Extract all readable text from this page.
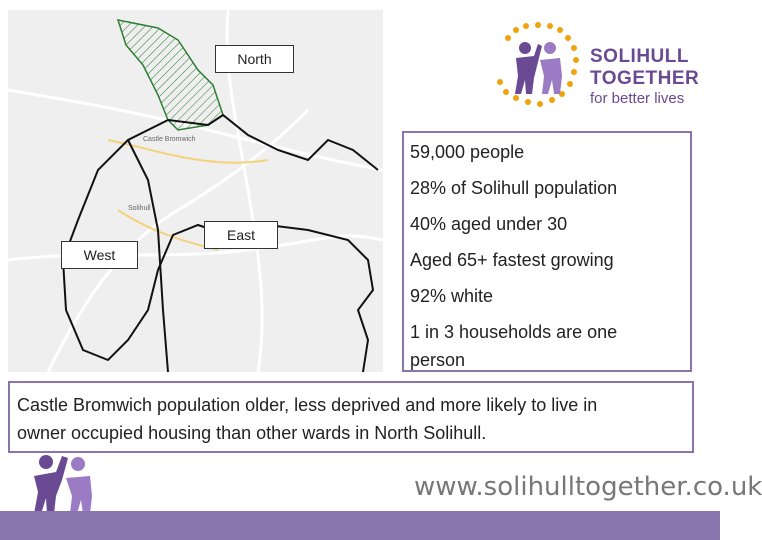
Solihull
Castle Bromwich
North
East
West
SOLIHULL
TOGETHER
for better lives
59,000 people
28% of Solihull population
40% aged under 30
Aged 65+ fastest growing
92% white
1 in 3 households are one
person
Castle Bromwich population older, less deprived and more likely to live in
owner occupied housing than other wards in North Solihull.
www.solihulltogether.co.uk
